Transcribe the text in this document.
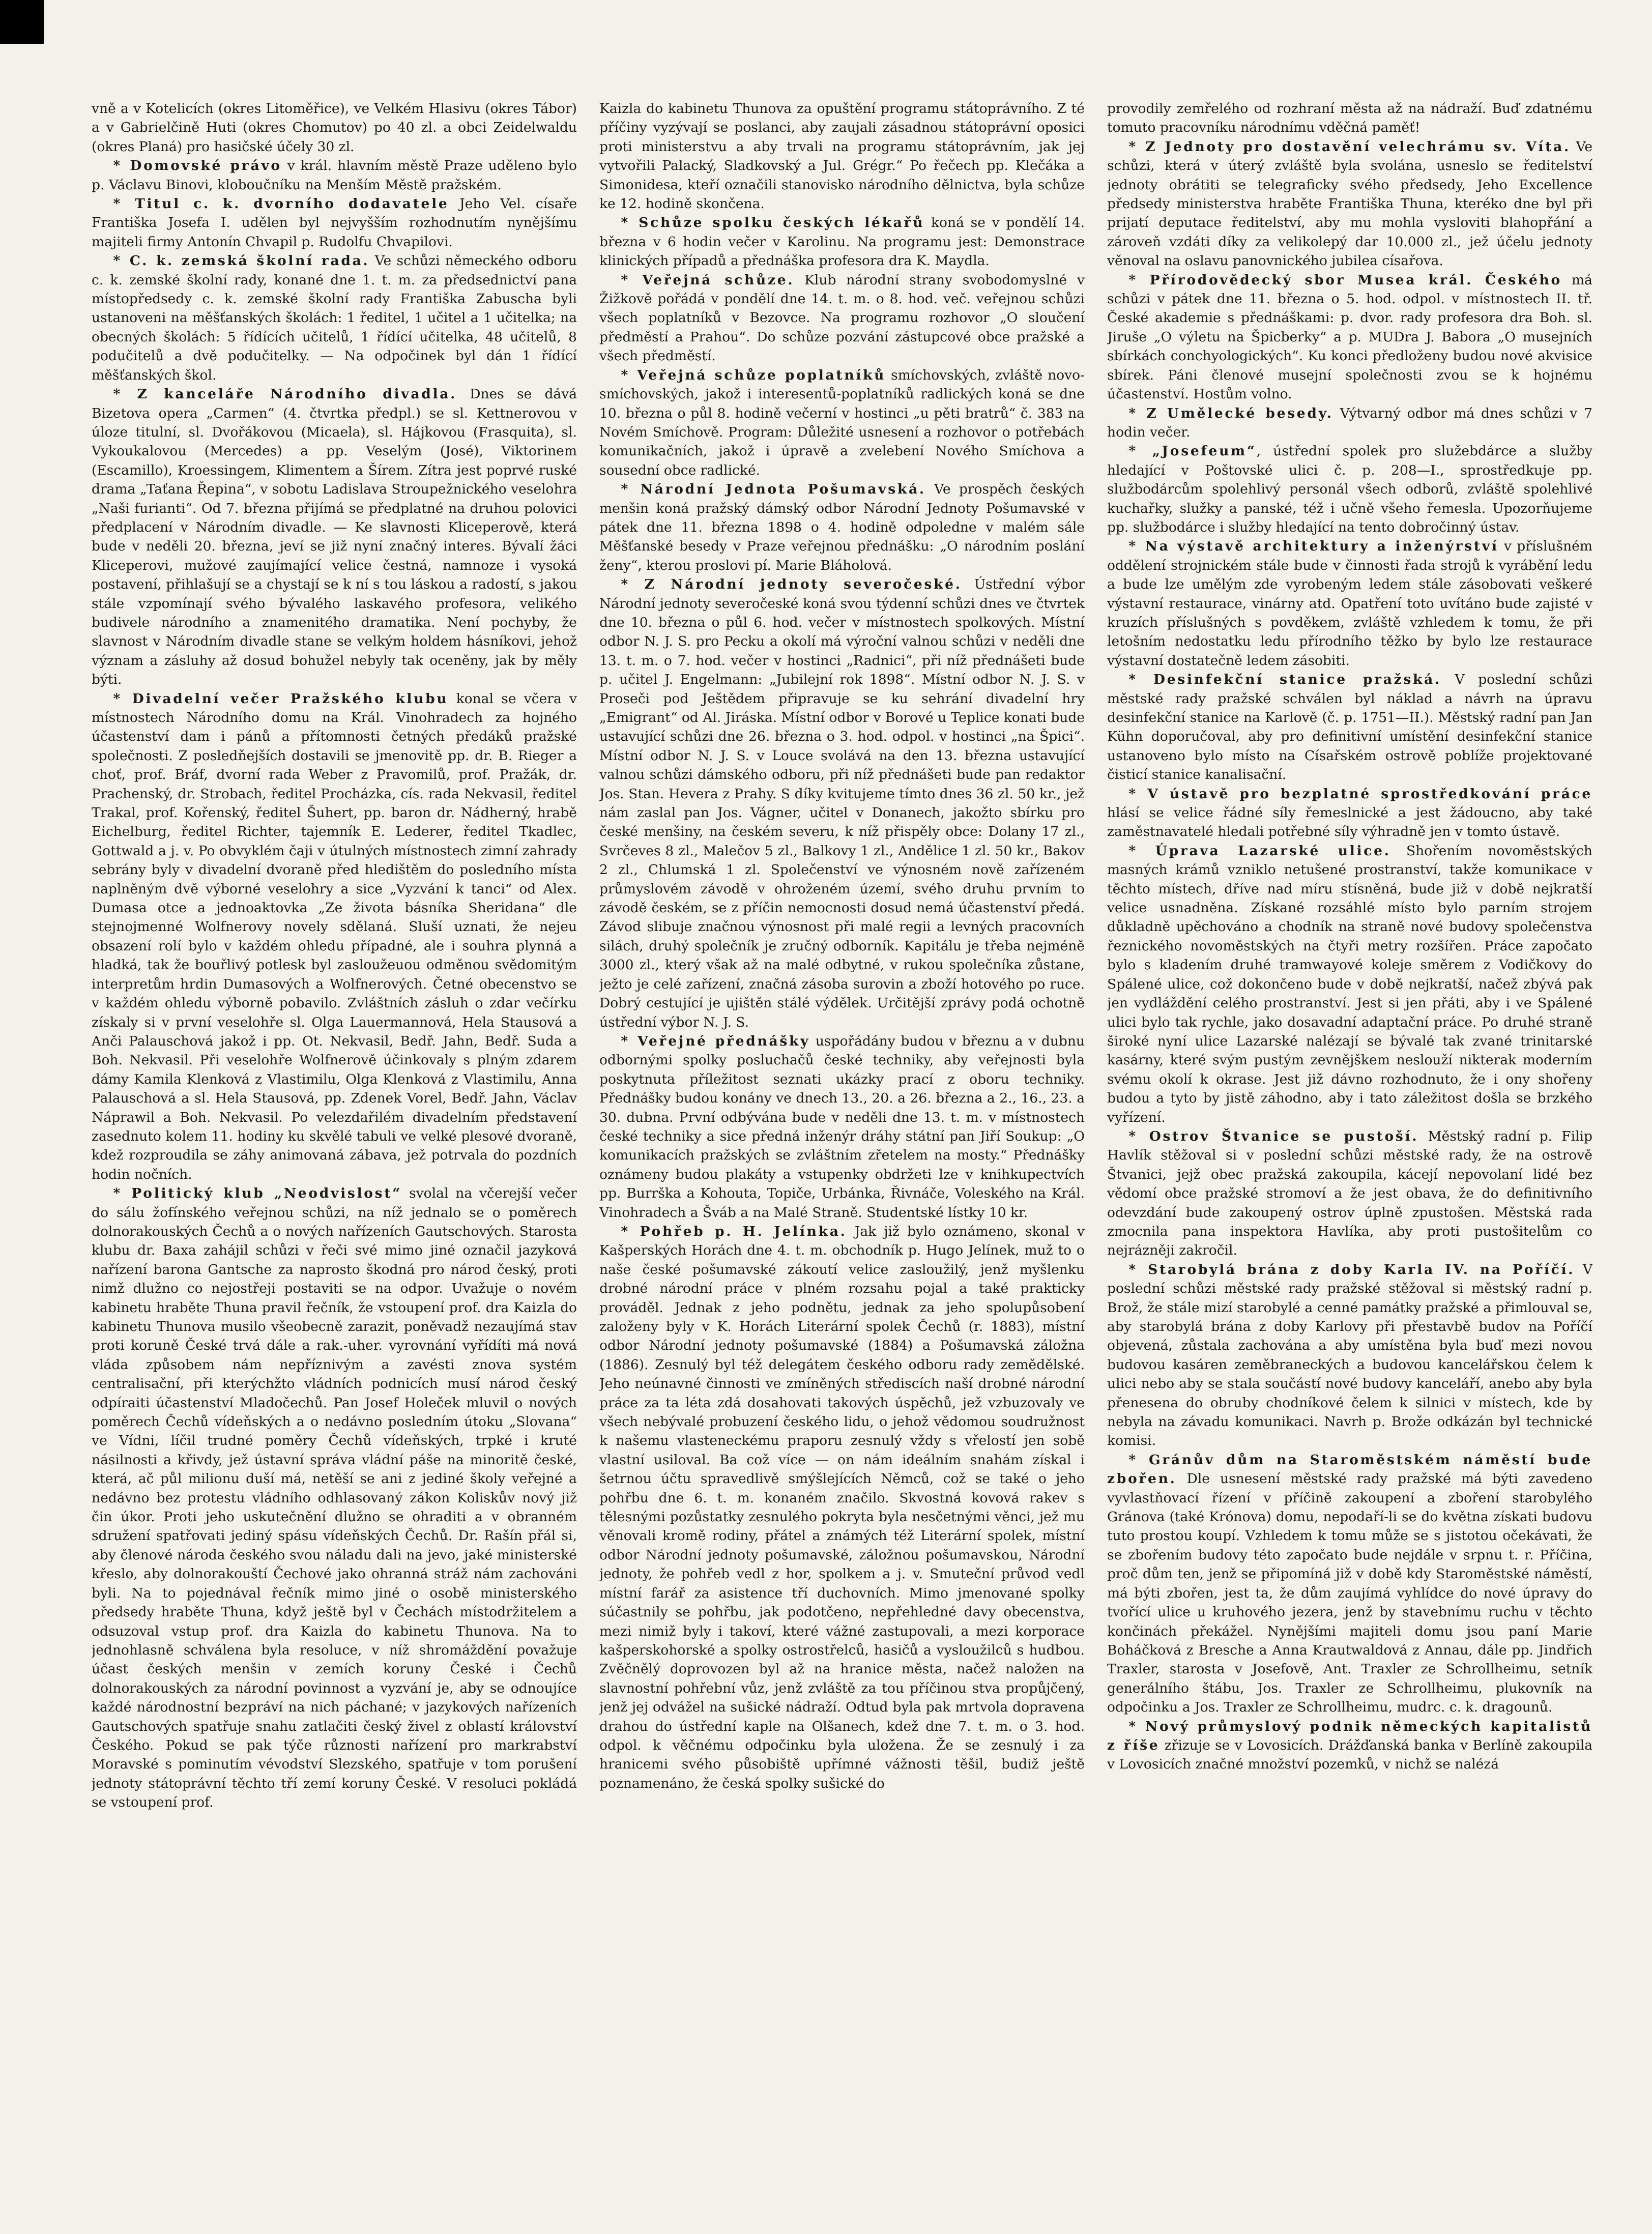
vně a v Kotelicích (okres Litoměřice), ve Velkém Hlasivu (okres Tábor) a v Gabrielčině Huti (okres Chomutov) po 40 zl. a obci Zeidelwaldu (okres Planá) pro hasičské účely 30 zl.

* Domovské právo v král. hlavním městě Praze uděleno bylo p. Václavu Binovi, kloboučníku na Menším Městě pražském.

* Titul c. k. dvorního dodavatele Jeho Vel. císaře Františka Josefa I. udělen byl nejvyšším rozhodnutím nynějšímu majiteli firmy Antonín Chvapil p. Rudolfu Chvapilovi.

* C. k. zemská školní rada. Ve schůzi německého odboru c. k. zemské školní rady, konané dne 1. t. m. za předsednictví pana místopředsedy c. k. zemské školní rady Františka Zabuscha byli ustanoveni na měšťanských školách: 1 ředitel, 1 učitel a 1 učitelka; na obecných školách: 5 řídících učitelů, 1 řídící učitelka, 48 učitelů, 8 podučitelů a dvě podučitelky. — Na odpočinek byl dán 1 řídící měšťanských škol.

* Z kanceláře Národního divadla. Dnes se dává Bizetova opera „Carmen“ (4. čtvrtka předpl.) se sl. Kettnerovou v úloze titulní, sl. Dvořákovou (Micaela), sl. Hájkovou (Frasquita), sl. Vykoukalovou (Mercedes) a pp. Veselým (José), Viktorinem (Escamillo), Kroessingem, Klimentem a Šírem. Zítra jest poprvé ruské drama „Taťana Řepina“, v sobotu Ladislava Stroupežnického veselohra „Naši furianti“. Od 7. března přijímá se předplatné na druhou polovici předplacení v Národním divadle. — Ke slavnosti Kliceperově, která bude v neděli 20. března, jeví se již nyní značný interes. Bývalí žáci Kliceperovi, mužové zaujímající velice čestná, namnoze i vysoká postavení, přihlašují se a chystají se k ní s tou láskou a radostí, s jakou stále vzpomínají svého bývalého laskavého profesora, velikého budivele národního a znamenitého dramatika. Není pochyby, že slavnost v Národním divadle stane se velkým holdem hásníkovi, jehož význam a zásluhy až dosud bohužel nebyly tak oceněny, jak by měly býti.

* Divadelní večer Pražského klubu konal se včera v místnostech Národního domu na Král. Vinohradech za hojného účastenství dam i pánů a přítomnosti četných předáků pražské společnosti. Z posledňejších dostavili se jmenovitě pp. dr. B. Rieger a choť, prof. Bráf, dvorní rada Weber z Pravomilů, prof. Pražák, dr. Prachenský, dr. Strobach, ředitel Procházka, cís. rada Nekvasil, ředitel Trakal, prof. Kořenský, ředitel Šuhert, pp. baron dr. Nádherný, hrabě Eichelburg, ředitel Richter, tajemník E. Lederer, ředitel Tkadlec, Gottwald a j. v. Po obvyklém čaji v útulných místnostech zimní zahrady sebrány byly v divadelní dvoraně před hledištěm do posledního místa naplněným dvě výborné veselohry a sice „Vyzvání k tanci“ od Alex. Dumasa otce a jednoaktovka „Ze života básníka Sheridana“ dle stejnojmenné Wolfnerovy novely sdělaná. Sluší uznati, že nejeu obsazení rolí bylo v každém ohledu případné, ale i souhra plynná a hladká, tak že bouřlivý potlesk byl zasloužeuou odměnou svědomitým interpretům hrdin Dumasových a Wolfnerových. Četné obecenstvo se v každém ohledu výborně pobavilo. Zvláštních zásluh o zdar večírku získaly si v první veselohře sl. Olga Lauermannová, Hela Stausová a Anči Palauschová jakož i pp. Ot. Nekvasil, Bedř. Jahn, Bedř. Suda a Boh. Nekvasil. Při veselohře Wolfnerově účinkovaly s plným zdarem dámy Kamila Klenková z Vlastimilu, Olga Klenková z Vlastimilu, Anna Palauschová a sl. Hela Stausová, pp. Zdenek Vorel, Bedř. Jahn, Václav Náprawil a Boh. Nekvasil. Po velezdařilém divadelním představení zasednuto kolem 11. hodiny ku skvělé tabuli ve velké plesové dvoraně, kdež rozproudila se záhy animovaná zábava, jež potrvala do pozdních hodin nočních.

* Politický klub „Neodvislost“ svolal na včerejší večer do sálu žofínského veřejnou schůzi, na níž jednalo se o poměrech dolnorakouských Čechů a o nových nařízeních Gautschových. Starosta klubu dr. Baxa zahájil schůzi v řeči své mimo jiné označil jazyková nařízení barona Gantsche za naprosto škodná pro národ český, proti nimž dlužno co nejostřeji postaviti se na odpor. Uvažuje o novém kabinetu hraběte Thuna pravil řečník, že vstoupení prof. dra Kaizla do kabinetu Thunova musilo všeobecně zarazit, poněvadž nezaujímá stav proti koruně České trvá dále a rak.-uher. vyrovnání vyřídíti má nová vláda způsobem nám nepříznivým a zavésti znova systém centralisační, při kterýchžto vládních podnicích musí národ český odpíraiti účastenství Mladočechů. Pan Josef Holeček mluvil o nových poměrech Čechů vídeňských a o nedávno posledním útoku „Slovana“ ve Vídni, líčil trudné poměry Čechů vídeňských, trpké i kruté násilnosti a křivdy, jež ústavní správa vládní páše na minoritě české, která, ač půl milionu duší má, netěší se ani z jediné školy veřejné a nedávno bez protestu vládního odhlasovaný zákon Koliskův nový již čin úkor. Proti jeho uskutečnění dlužno se ohraditi a v obranném sdružení spatřovati jediný spásu vídeňských Čechů. Dr. Rašín přál si, aby členové národa českého svou náladu dali na jevo, jaké ministerské křeslo, aby dolnorakouští Čechové jako ohranná stráž nám zachováni byli. Na to pojednával řečník mimo jiné o osobě ministerského předsedy hraběte Thuna, když ještě byl v Čechách místodržitelem a odsuzoval vstup prof. dra Kaizla do kabinetu Thunova. Na to jednohlasně schválena byla resoluce, v níž shromáždění považuje účast českých menšin v zemích koruny České i Čechů dolnorakouských za národní povinnost a vyzvání je, aby se odnoujíce každé národnostní bezpráví na nich páchané; v jazykových nařízeních Gautschových spatřuje snahu zatlačiti český živel z oblastí království Českého. Pokud se pak týče různosti nařízení pro markrabství Moravské s pominutím vévodství Slezského, spatřuje v tom porušení jednoty státoprávní těchto tří zemí koruny České. V resoluci pokládá se vstoupení prof.

Kaizla do kabinetu Thunova za opuštění programu státoprávního. Z té příčiny vyzývají se poslanci, aby zaujali zásadnou státoprávní oposici proti ministerstvu a aby trvali na programu státoprávním, jak jej vytvořili Palacký, Sladkovský a Jul. Grégr.“ Po řečech pp. Klečáka a Simonidesa, kteří označili stanovisko národního dělnictva, byla schůze ke 12. hodině skončena.

* Schůze spolku českých lékařů koná se v pondělí 14. března v 6 hodin večer v Karolinu. Na programu jest: Demonstrace klinických případů a přednáška profesora dra K. Maydla.

* Veřejná schůze. Klub národní strany svobodomyslné v Žižkově pořádá v pondělí dne 14. t. m. o 8. hod. več. veřejnou schůzi všech poplatníků v Bezovce. Na programu rozhovor „O sloučení předměstí a Prahou“. Do schůze pozvání zástupcové obce pražské a všech předměstí.

* Veřejná schůze poplatníků smíchovských, zvláště novo-smíchovských, jakož i interesentů-poplatníků radlických koná se dne 10. března o půl 8. hodině večerní v hostinci „u pěti bratrů“ č. 383 na Novém Smíchově. Program: Důležité usnesení a rozhovor o potřebách komunikačních, jakož i úpravě a zvelebení Nového Smíchova a sousední obce radlické.

* Národní Jednota Pošumavská. Ve prospěch českých menšin koná pražský dámský odbor Národní Jednoty Pošumavské v pátek dne 11. března 1898 o 4. hodině odpoledne v malém sále Měšťanské besedy v Praze veřejnou přednášku: „O národním poslání ženy“, kterou proslovi pí. Marie Bláholová.

* Z Národní jednoty severočeské. Ústřední výbor Národní jednoty severočeské koná svou týdenní schůzi dnes ve čtvrtek dne 10. března o půl 6. hod. večer v místnostech spolkových. Místní odbor N. J. S. pro Pecku a okolí má výroční valnou schůzi v neděli dne 13. t. m. o 7. hod. večer v hostinci „Radnici“, při níž přednášeti bude p. učitel J. Engelmann: „Jubilejní rok 1898“. Místní odbor N. J. S. v Proseči pod Ještědem připravuje se ku sehrání divadelní hry „Emigrant“ od Al. Jiráska. Místní odbor v Borové u Teplice konati bude ustavující schůzi dne 26. března o 3. hod. odpol. v hostinci „na Špici“. Místní odbor N. J. S. v Louce svolává na den 13. března ustavující valnou schůzi dámského odboru, při níž přednášeti bude pan redaktor Jos. Stan. Hevera z Prahy. S díky kvitujeme tímto dnes 36 zl. 50 kr., jež nám zaslal pan Jos. Vágner, učitel v Donanech, jakožto sbírku pro české menšiny, na českém severu, k níž přispěly obce: Dolany 17 zl., Svrčeves 8 zl., Malečov 5 zl., Balkovy 1 zl., Andělice 1 zl. 50 kr., Bakov 2 zl., Chlumská 1 zl. Společenství ve výnosném nově zařízeném průmyslovém závodě v ohroženém území, svého druhu prvním to závodě českém, se z příčin nemocnosti dosud nemá účastenství předá. Závod slibuje značnou výnosnost při malé regii a levných pracovních silách, druhý společník je zručný odborník. Kapitálu je třeba nejméně 3000 zl., který však až na malé odbytné, v rukou společníka zůstane, ježto je celé zařízení, značná zásoba surovin a zboží hotového po ruce. Dobrý cestující je ujištěn stálé výdělek. Určitější zprávy podá ochotně ústřední výbor N. J. S.

* Veřejné přednášky uspořádány budou v březnu a v dubnu odbornými spolky posluchačů české techniky, aby veřejnosti byla poskytnuta příležitost seznati ukázky prací z oboru techniky. Přednášky budou konány ve dnech 13., 20. a 26. března a 2., 16., 23. a 30. dubna. První odbývána bude v neděli dne 13. t. m. v místnostech české techniky a sice předná inženýr dráhy státní pan Jiří Soukup: „O komunikacích pražských se zvláštním zřetelem na mosty.“ Přednášky oznámeny budou plakáty a vstupenky obdržeti lze v knihkupectvích pp. Burrška a Kohouta, Topiče, Urbánka, Řivnáče, Voleského na Král. Vinohradech a Šváb a na Malé Straně. Studentské lístky 10 kr.

* Pohřeb p. H. Jelínka. Jak již bylo oznámeno, skonal v Kašperských Horách dne 4. t. m. obchodník p. Hugo Jelínek, muž to o naše české pošumavské zákoutí velice zasloužilý, jenž myšlenku drobné národní práce v plném rozsahu pojal a také prakticky prováděl. Jednak z jeho podnětu, jednak za jeho spolupůsobení založeny byly v K. Horách Literární spolek Čechů (r. 1883), místní odbor Národní jednoty pošumavské (1884) a Pošumavská záložna (1886). Zesnulý byl též delegátem českého odboru rady zemědělské. Jeho neúnavné činnosti ve zmíněných střediscích naší drobné národní práce za ta léta zdá dosahovati takových úspěchů, jež vzbuzovaly ve všech nebývalé probuzení českého lidu, o jehož vědomou soudružnost k našemu vlasteneckému praporu zesnulý vždy s vřelostí jen sobě vlastní usiloval. Ba což více — on nám ideálním snahám získal i šetrnou účtu spravedlivě smýšlejících Němců, což se také o jeho pohřbu dne 6. t. m. konaném značilo. Skvostná kovová rakev s tělesnými pozůstatky zesnulého pokryta byla nesčetnými věnci, jež mu věnovali kromě rodiny, přátel a známých též Literární spolek, místní odbor Národní jednoty pošumavské, záložnou pošumavskou, Národní jednoty, že pohřeb vedl z hor, spolkem a j. v. Smuteční průvod vedl místní farář za asistence tří duchovních. Mimo jmenované spolky súčastnily se pohřbu, jak podotčeno, nepřehledné davy obecenstva, mezi nimiž byly i takoví, které vážné zastupovali, a mezi korporace kašperskohorské a spolky ostrostřelců, hasičů a vysloužilců s hudbou. Zvěčnělý doprovozen byl až na hranice města, načež naložen na slavnostní pohřební vůz, jenž zvláště za tou příčinou stva propůjčený, jenž jej odvážel na sušické nádraží. Odtud byla pak mrtvola dopravena drahou do ústřední kaple na Olšanech, kdež dne 7. t. m. o 3. hod. odpol. k věčnému odpočinku byla uložena. Že se zesnulý i za hranicemi svého působiště upřímné vážnosti těšil, budiž ještě poznamenáno, že česká spolky sušické do

provodily zemřelého od rozhraní města až na nádraží. Buď zdatnému tomuto pracovníku národnímu vděčná paměť!

* Z Jednoty pro dostavění velechrámu sv. Víta. Ve schůzi, která v úterý zvláště byla svolána, usneslo se ředitelství jednoty obrátiti se telegraficky svého předsedy, Jeho Excellence předsedy ministerstva hraběte Františka Thuna, kteréko dne byl při prijatí deputace ředitelství, aby mu mohla vysloviti blahopřání a zároveň vzdáti díky za velikolepý dar 10.000 zl., jež účelu jednoty věnoval na oslavu panovnického jubilea císařova.

* Přírodovědecký sbor Musea král. Českého má schůzi v pátek dne 11. března o 5. hod. odpol. v místnostech II. tř. České akademie s přednáškami: p. dvor. rady profesora dra Boh. sl. Jiruše „O výletu na Špicberky“ a p. MUDra J. Babora „O musejních sbírkách conchyologických“. Ku konci předloženy budou nové akvisice sbírek. Páni členové musejní společnosti zvou se k hojnému účastenství. Hostům volno.

* Z Umělecké besedy. Výtvarný odbor má dnes schůzi v 7 hodin večer.

* „Josefeum“, ústřední spolek pro služebdárce a služby hledající v Poštovské ulici č. p. 208—I., sprostředkuje pp. službodárcům spolehlivý personál všech odborů, zvláště spolehlivé kuchařky, služky a panské, též i učně všeho řemesla. Upozorňujeme pp. službodárce i služby hledající na tento dobročinný ústav.

* Na výstavě architektury a inženýrství v příslušném oddělení strojnickém stále bude v činnosti řada strojů k vyrábění ledu a bude lze umělým zde vyrobeným ledem stále zásobovati veškeré výstavní restaurace, vinárny atd. Opatření toto uvítáno bude zajisté v kruzích příslušných s povděkem, zvláště vzhledem k tomu, že při letošním nedostatku ledu přírodního těžko by bylo lze restaurace výstavní dostatečně ledem zásobiti.

* Desinfekční stanice pražská. V poslední schůzi městské rady pražské schválen byl náklad a návrh na úpravu desinfekční stanice na Karlově (č. p. 1751—II.). Městský radní pan Jan Kühn doporučoval, aby pro definitivní umístění desinfekční stanice ustanoveno bylo místo na Císařském ostrově poblíže projektované čisticí stanice kanalisační.

* V ústavě pro bezplatné sprostředkování práce hlásí se velice řádné síly řemeslnické a jest žádoucno, aby také zaměstnavatelé hledali potřebné síly výhradně jen v tomto ústavě.

* Úprava Lazarské ulice. Shořením novoměstských masných krámů vzniklo netušené prostranství, takže komunikace v těchto místech, dříve nad míru stísněná, bude již v době nejkratší velice usnadněna. Získané rozsáhlé místo bylo parním strojem důkladně upěchováno a chodník na straně nové budovy společenstva řeznického novoměstských na čtyři metry rozšířen. Práce započato bylo s kladením druhé tramwayové koleje směrem z Vodičkovy do Spálené ulice, což dokončeno bude v době nejkratší, načež zbývá pak jen vydláždění celého prostranství. Jest si jen přáti, aby i ve Spálené ulici bylo tak rychle, jako dosavadní adaptační práce. Po druhé straně široké nyní ulice Lazarské nalézají se bývalé tak zvané trinitarské kasárny, které svým pustým zevnějškem neslouží nikterak moderním svému okolí k okrase. Jest již dávno rozhodnuto, že i ony shořeny budou a tyto by jistě záhodno, aby i tato záležitost došla se brzkého vyřízení.

* Ostrov Štvanice se pustoší. Městský radní p. Filip Havlík stěžoval si v poslední schůzi městské rady, že na ostrově Štvanici, jejž obec pražská zakoupila, kácejí nepovolaní lidé bez vědomí obce pražské stromoví a že jest obava, že do definitivního odevzdání bude zakoupený ostrov úplně zpustošen. Městská rada zmocnila pana inspektora Havlíka, aby proti pustošitelům co nejrázněji zakročil.

* Starobylá brána z doby Karla IV. na Poříčí. V poslední schůzi městské rady pražské stěžoval si městský radní p. Brož, že stále mizí starobylé a cenné památky pražské a přimlouval se, aby starobylá brána z doby Karlovy při přestavbě budov na Poříčí objevená, zůstala zachována a aby umístěna byla buď mezi novou budovou kasáren zeměbraneckých a budovou kancelářskou čelem k ulici nebo aby se stala součástí nové budovy kanceláří, anebo aby byla přenesena do obruby chodníkové čelem k silnici v místech, kde by nebyla na závadu komunikaci. Navrh p. Brože odkázán byl technické komisi.

* Gránův dům na Staroměstském náměstí bude zbořen. Dle usnesení městské rady pražské má býti zavedeno vyvlastňovací řízení v příčině zakoupení a zboření starobylého Gránova (také Krónova) domu, nepodaří-li se do května získati budovu tuto prostou koupí. Vzhledem k tomu může se s jistotou očekávati, že se zbořením budovy této započato bude nejdále v srpnu t. r. Příčina, proč dům ten, jenž se připomíná již v době kdy Staroměstské náměstí, má býti zbořen, jest ta, že dům zaujímá vyhlídce do nové úpravy do tvořící ulice u kruhového jezera, jenž by stavebnímu ruchu v těchto končinách překážel. Nynějšími majiteli domu jsou paní Marie Boháčková z Bresche a Anna Krautwaldová z Annau, dále pp. Jindřich Traxler, starosta v Josefově, Ant. Traxler ze Schrollheimu, setník generálního štábu, Jos. Traxler ze Schrollheimu, plukovník na odpočinku a Jos. Traxler ze Schrollheimu, mudrc. c. k. dragounů.

* Nový průmyslový podnik německých kapitalistů z říše zřizuje se v Lovosicích. Drážďanská banka v Berlíně zakoupila v Lovosicích značné množství pozemků, v nichž se nalézá
